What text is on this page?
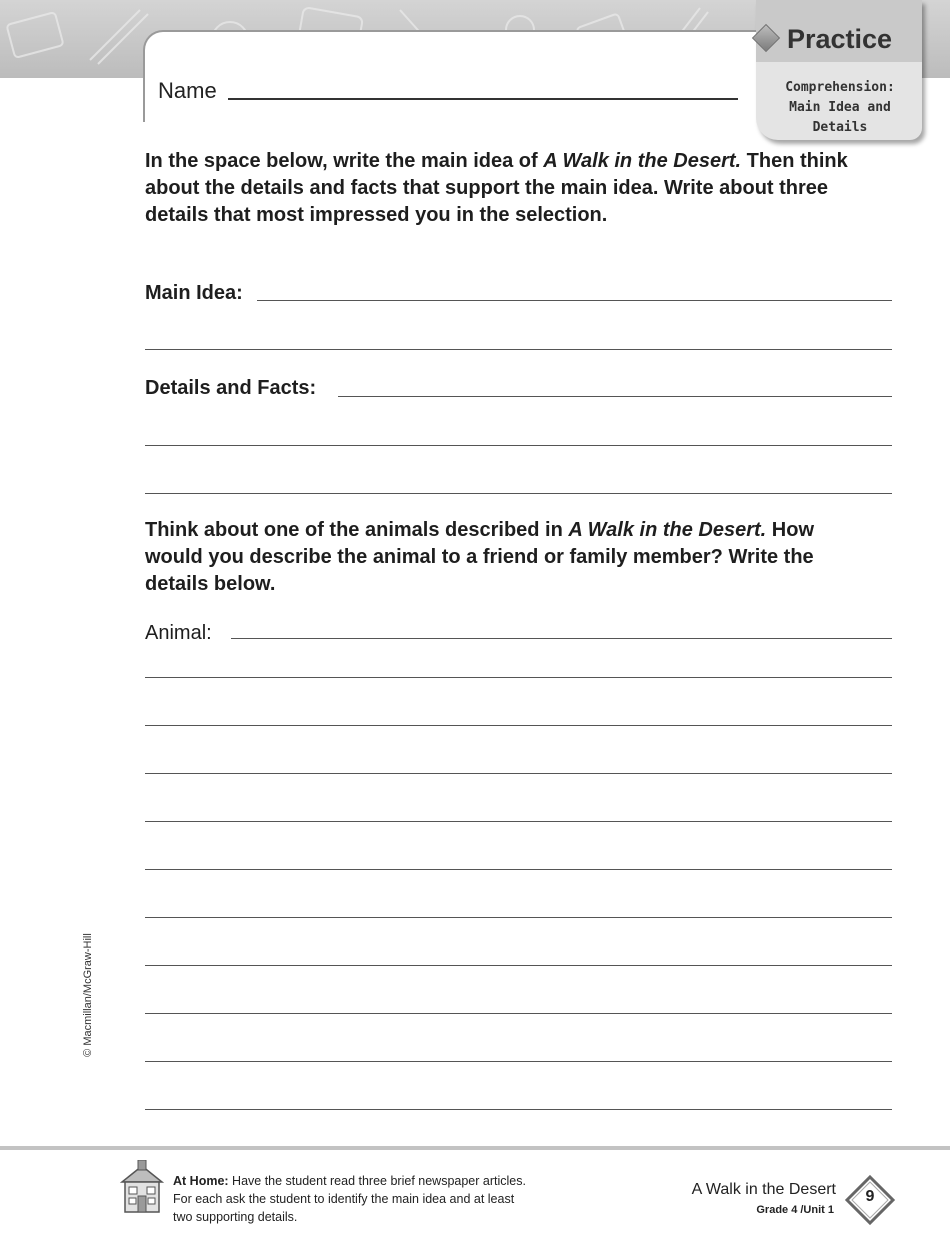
Name
Practice
Comprehension:
Main Idea and Details
In the space below, write the main idea of A Walk in the Desert. Then think about the details and facts that support the main idea. Write about three details that most impressed you in the selection.
Main Idea:
Details and Facts:
Think about one of the animals described in A Walk in the Desert. How would you describe the animal to a friend or family member? Write the details below.
Animal:
© Macmillan/McGraw-Hill
At Home: Have the student read three brief newspaper articles. For each ask the student to identify the main idea and at least two supporting details.
A Walk in the Desert
Grade 4 /Unit 1
9
